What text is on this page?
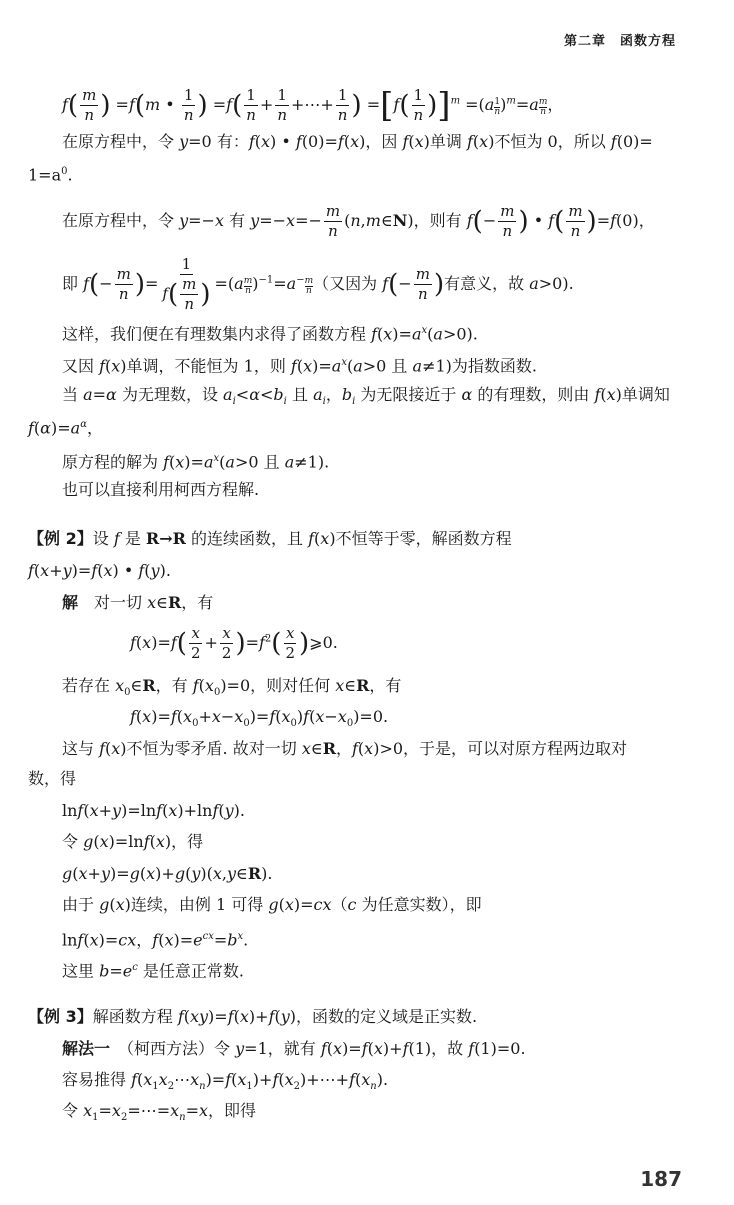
第二章　函数方程
$f( \frac{m}{n}$ ) =f(m • $\frac{1}{n}$ ) $=f( \frac{1}{n} + \frac{1}{n}$ +⋯+ $\frac{1}{n}$ ) $=[f( \frac{1}{n} )]^m =(a \frac{1}{n} )^m=a \frac{m}{n}$ ，
在原方程中，令 y=0 有：f(x) • f(0)=f(x)，因 f(x)单调 f(x)不恒为 0，所以 f(0)=
$1=a^0$.
在原方程中，令 y=−x 有 $y=-x=- \frac{m}{n}$ (n,m∈N)，则有 $f(- \frac{m}{n}$ ) • $f( \frac{m}{n} )=f(0)$，
即 $f(- \frac{m}{n}$ )= $\frac{1}{f( \frac{m}{n} )} =(a \frac{m}{n} )^{-1}=a^- \frac{m}{n}$ （又因为 $f(- \frac{m}{n}$ )有意义，故 a>0).
这样，我们便在有理数集内求得了函数方程 $f(x)=a^x(a>0)$.
又因 f(x)单调，不能恒为 1，则 $f(x)=a^x(a>0$ 且 a≠1)为指数函数.
当 a=α 为无理数，设 $a_i<\alpha<b_i$ 且 $a_i$，$b_i$ 为无限接近于 α 的有理数，则由 f(x)单调知
$f(\alpha)=a^\alpha$，
原方程的解为 $f(x)=a^x(a>0$ 且 a≠1).
也可以直接利用柯西方程解.
【例 2】设 f 是 R→R 的连续函数，且 f(x)不恒等于零，解函数方程
f(x+y)=f(x) • f(y).
解　对一切 x∈R，有
$f(x)=f( \frac{x}{2} + \frac{x}{2} )=f^2( \frac{x}{2}$ )⩾0.
若存在 $x_0\in R$，有 $f(x_0)=0$，则对任何 x∈R，有
$f(x)=f(x_0+x-x_0)=f(x_0)f(x-x_0)=0$.
这与 f(x)不恒为零矛盾. 故对一切 x∈R，f(x)>0，于是，可以对原方程两边取对
数，得
lnf(x+y)=lnf(x)+lnf(y).
令 g(x)=lnf(x)，得
g(x+y)=g(x)+g(y)(x,y∈R).
由于 g(x)连续，由例 1 可得 g(x)=cx（c 为任意实数），即
lnf(x)=cx，$f(x)=e^{cx}=b^x$.
这里 $b=e^c$ 是任意正常数.
【例 3】解函数方程 f(xy)=f(x)+f(y)，函数的定义域是正实数.
解法一　 （柯西方法）令 y=1，就有 f(x)=f(x)+f(1)，故 f(1)=0.
容易推得 $f(x_1x_2\cdots x_n)=f(x_1)+f(x_2)+\cdots+f(x_n)$.
令 $x_1=x_2=\cdots=x_n=x$，即得
187
